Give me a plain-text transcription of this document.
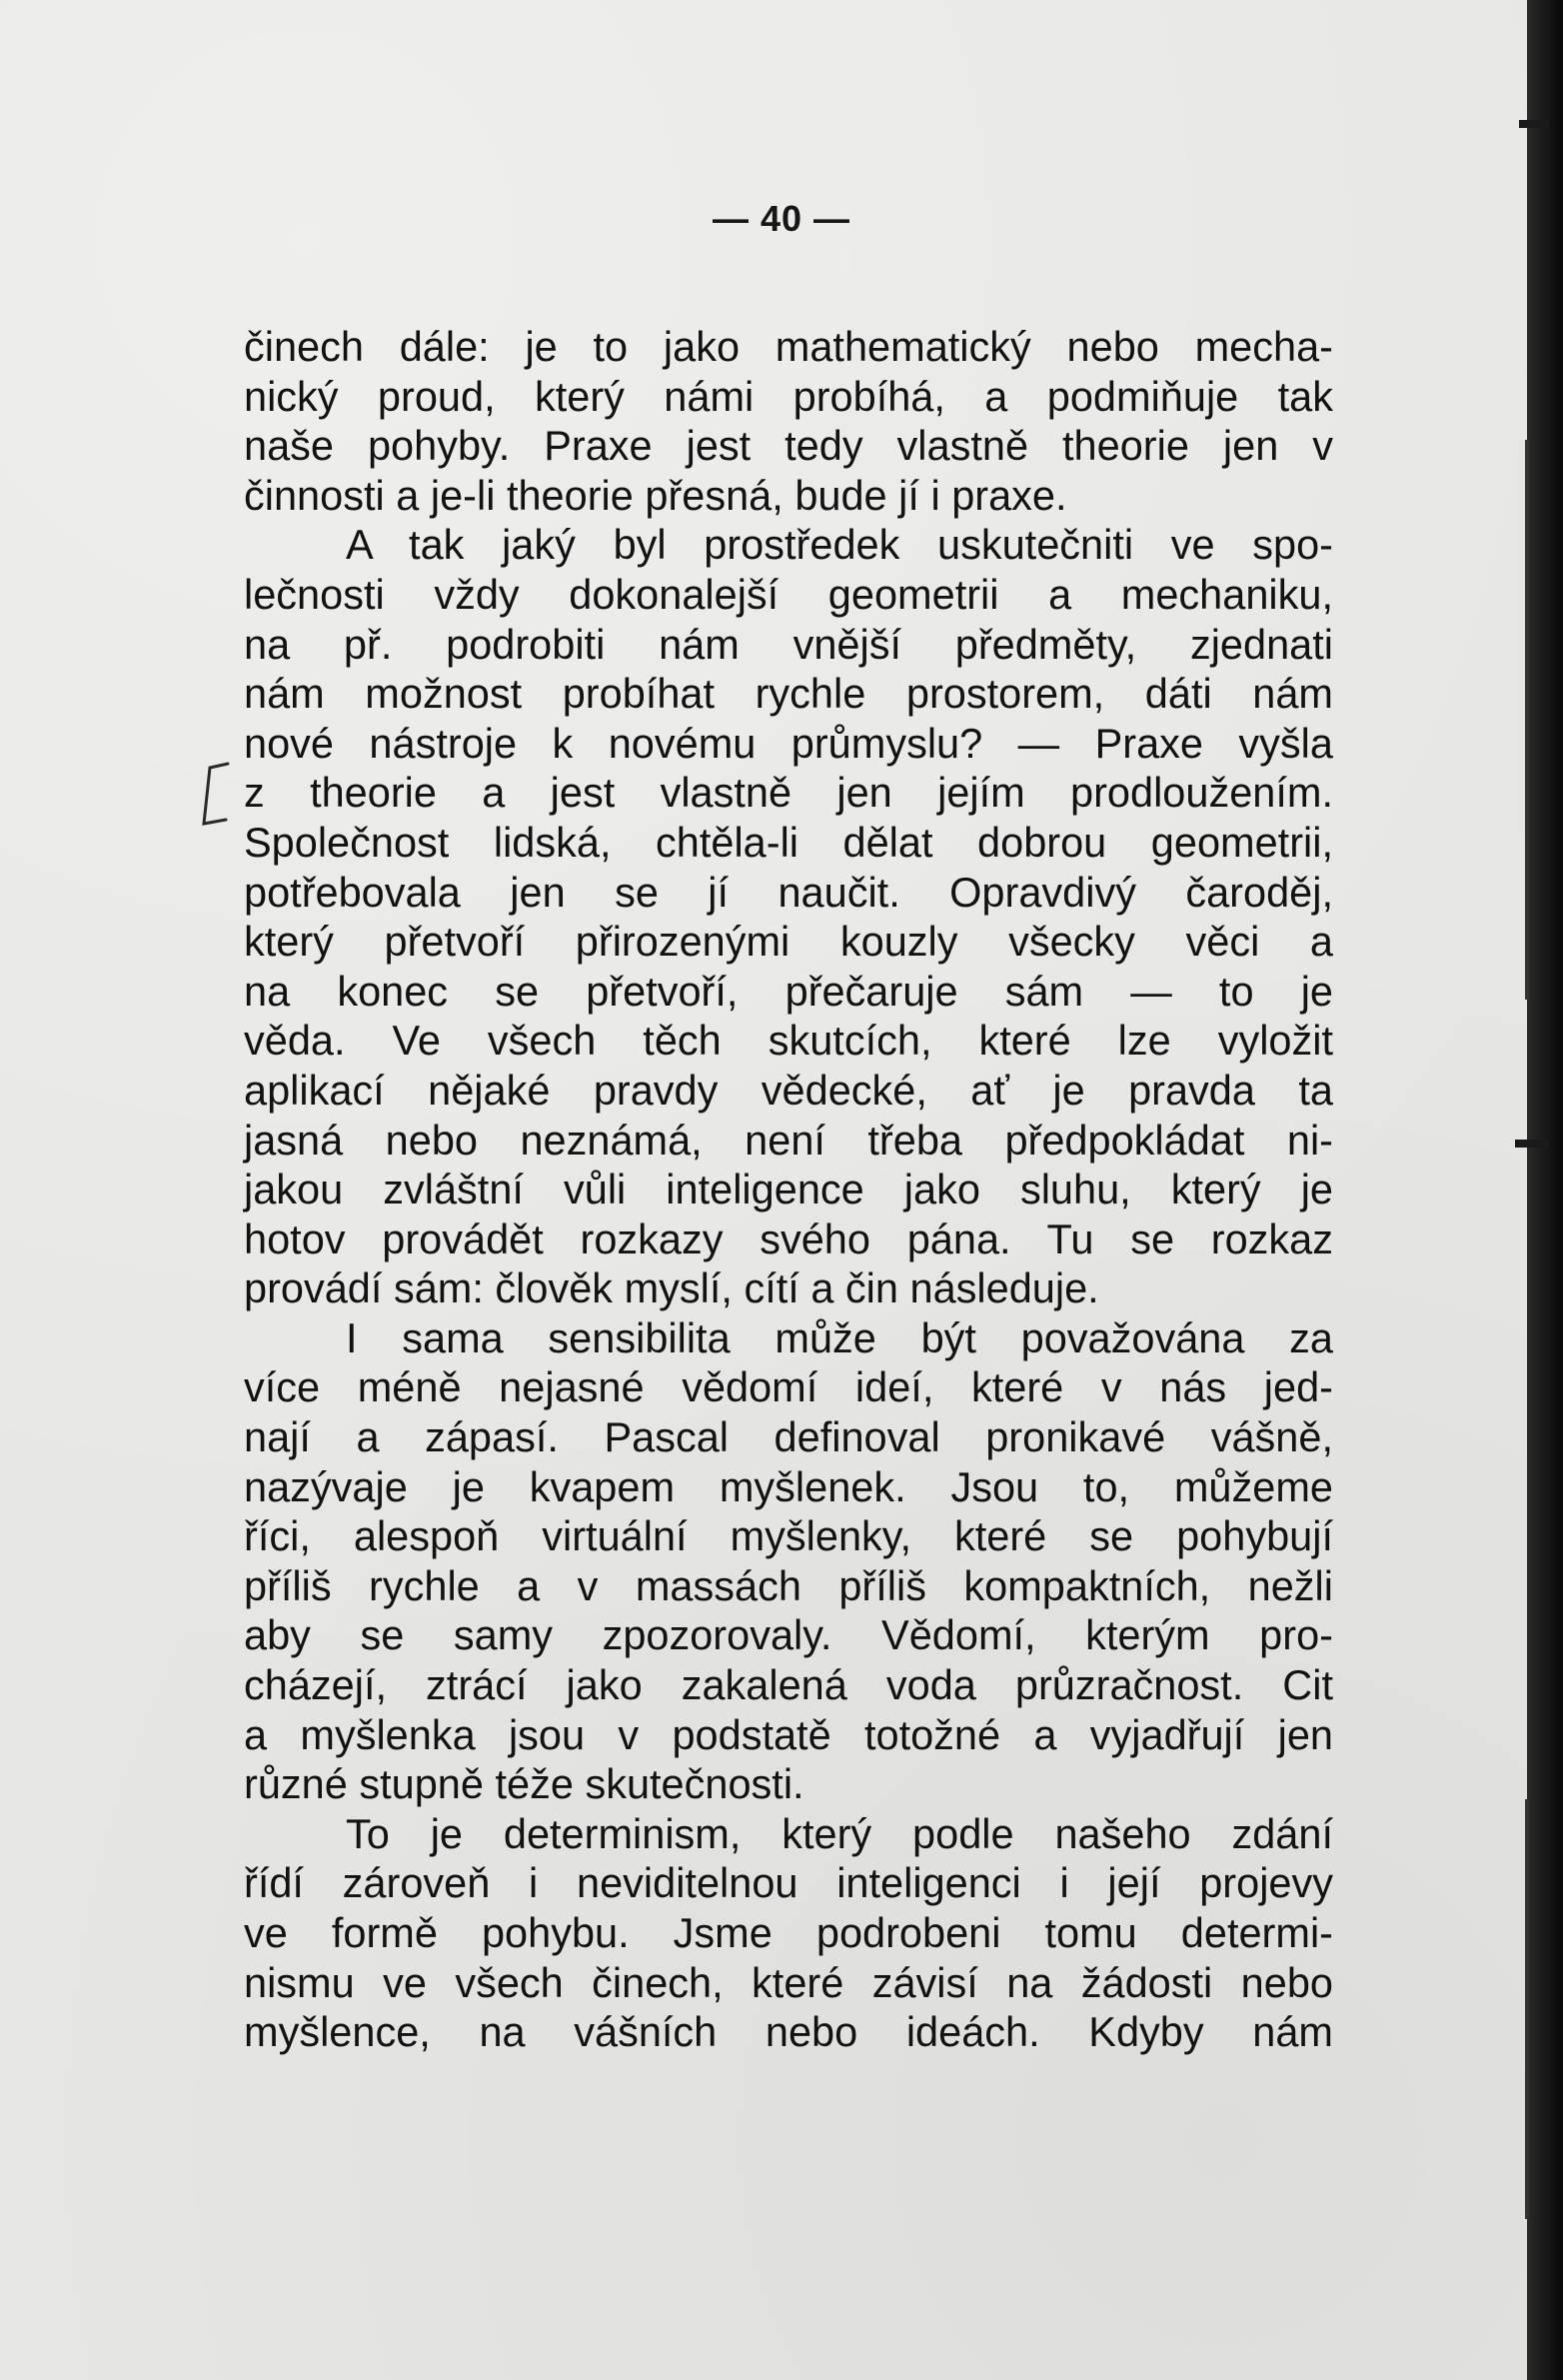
— 40 —
činech dále: je to jako mathematický nebo mecha-
nický proud, který námi probíhá, a podmiňuje tak
naše pohyby. Praxe jest tedy vlastně theorie jen v
činnosti a je-li theorie přesná, bude jí i praxe.
A tak jaký byl prostředek uskutečniti ve spo-
lečnosti vždy dokonalejší geometrii a mechaniku,
na př. podrobiti nám vnější předměty, zjednati
nám možnost probíhat rychle prostorem, dáti nám
nové nástroje k novému průmyslu? — Praxe vyšla
z theorie a jest vlastně jen jejím prodloužením.
Společnost lidská, chtěla-li dělat dobrou geometrii,
potřebovala jen se jí naučit. Opravdivý čaroděj,
který přetvoří přirozenými kouzly všecky věci a
na konec se přetvoří, přečaruje sám — to je
věda. Ve všech těch skutcích, které lze vyložit
aplikací nějaké pravdy vědecké, ať je pravda ta
jasná nebo neznámá, není třeba předpokládat ni-
jakou zvláštní vůli inteligence jako sluhu, který je
hotov provádět rozkazy svého pána. Tu se rozkaz
provádí sám: člověk myslí, cítí a čin následuje.
I sama sensibilita může být považována za
více méně nejasné vědomí ideí, které v nás jed-
nají a zápasí. Pascal definoval pronikavé vášně,
nazývaje je kvapem myšlenek. Jsou to, můžeme
říci, alespoň virtuální myšlenky, které se pohybují
příliš rychle a v massách příliš kompaktních, nežli
aby se samy zpozorovaly. Vědomí, kterým pro-
cházejí, ztrácí jako zakalená voda průzračnost. Cit
a myšlenka jsou v podstatě totožné a vyjadřují jen
různé stupně téže skutečnosti.
To je determinism, který podle našeho zdání
řídí zároveň i neviditelnou inteligenci i její projevy
ve formě pohybu. Jsme podrobeni tomu determi-
nismu ve všech činech, které závisí na žádosti nebo
myšlence, na vášních nebo ideách. Kdyby nám
